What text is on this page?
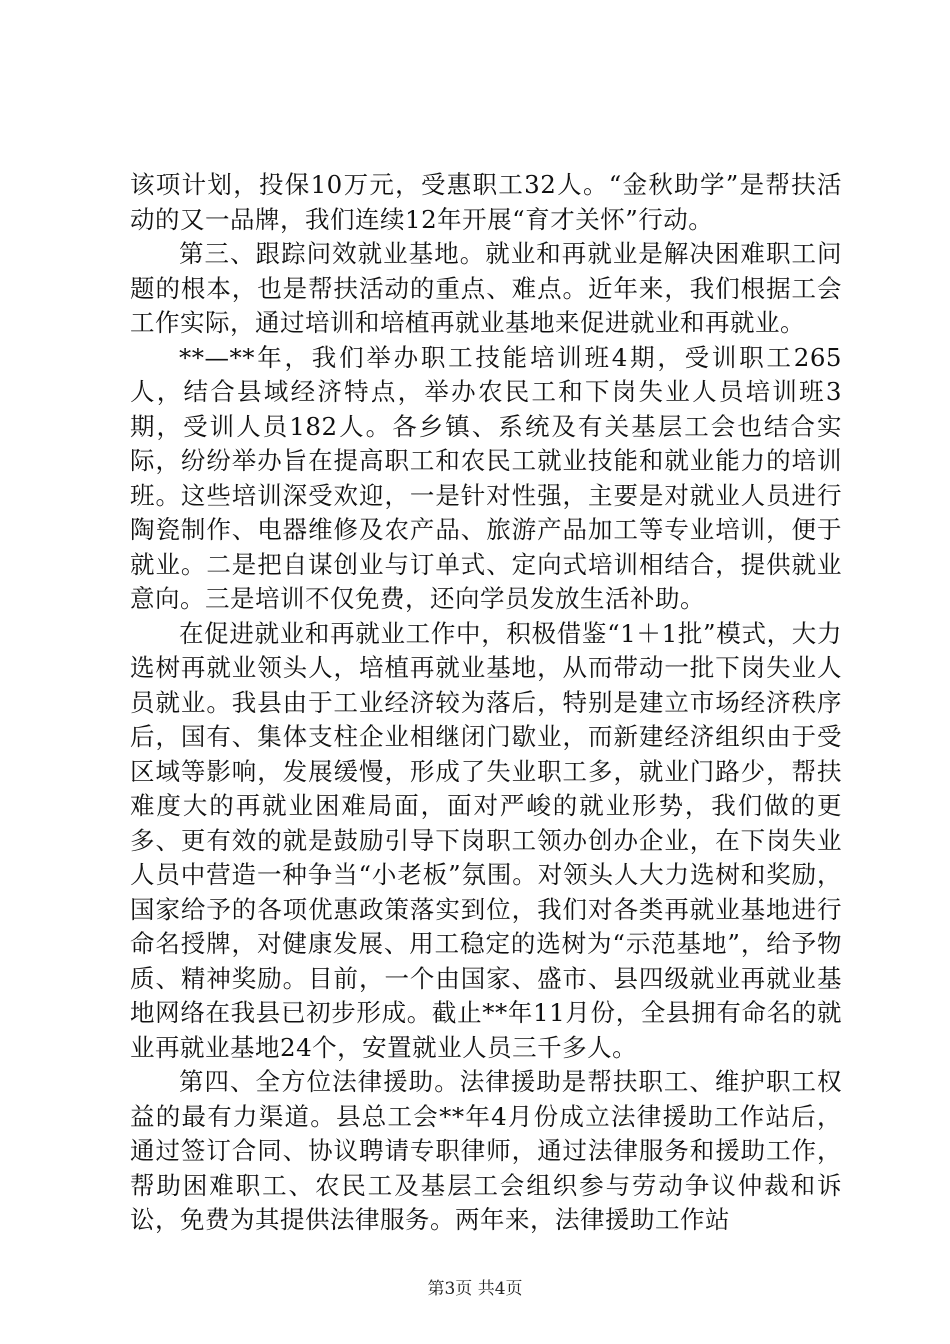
该项计划，投保10万元，受惠职工32人。“金秋助学”是帮扶活动的又一品牌，我们连续12年开展“育才关怀”行动。

第三、跟踪问效就业基地。就业和再就业是解决困难职工问题的根本，也是帮扶活动的重点、难点。近年来，我们根据工会工作实际，通过培训和培植再就业基地来促进就业和再就业。

**—**年，我们举办职工技能培训班4期，受训职工265人，结合县域经济特点，举办农民工和下岗失业人员培训班3期，受训人员182人。各乡镇、系统及有关基层工会也结合实际，纷纷举办旨在提高职工和农民工就业技能和就业能力的培训班。这些培训深受欢迎，一是针对性强，主要是对就业人员进行陶瓷制作、电器维修及农产品、旅游产品加工等专业培训，便于就业。二是把自谋创业与订单式、定向式培训相结合，提供就业意向。三是培训不仅免费，还向学员发放生活补助。

在促进就业和再就业工作中，积极借鉴“1＋1批”模式，大力选树再就业领头人，培植再就业基地，从而带动一批下岗失业人员就业。我县由于工业经济较为落后，特别是建立市场经济秩序后，国有、集体支柱企业相继闭门歇业，而新建经济组织由于受区域等影响，发展缓慢，形成了失业职工多，就业门路少，帮扶难度大的再就业困难局面，面对严峻的就业形势，我们做的更多、更有效的就是鼓励引导下岗职工领办创办企业，在下岗失业人员中营造一种争当“小老板”氛围。对领头人大力选树和奖励，国家给予的各项优惠政策落实到位，我们对各类再就业基地进行命名授牌，对健康发展、用工稳定的选树为“示范基地”，给予物质、精神奖励。目前，一个由国家、盛市、县四级就业再就业基地网络在我县已初步形成。截止**年11月份，全县拥有命名的就业再就业基地24个，安置就业人员三千多人。

第四、全方位法律援助。法律援助是帮扶职工、维护职工权益的最有力渠道。县总工会**年4月份成立法律援助工作站后，通过签订合同、协议聘请专职律师，通过法律服务和援助工作，帮助困难职工、农民工及基层工会组织参与劳动争议仲裁和诉讼，免费为其提供法律服务。两年来，法律援助工作站

第3页 共4页
